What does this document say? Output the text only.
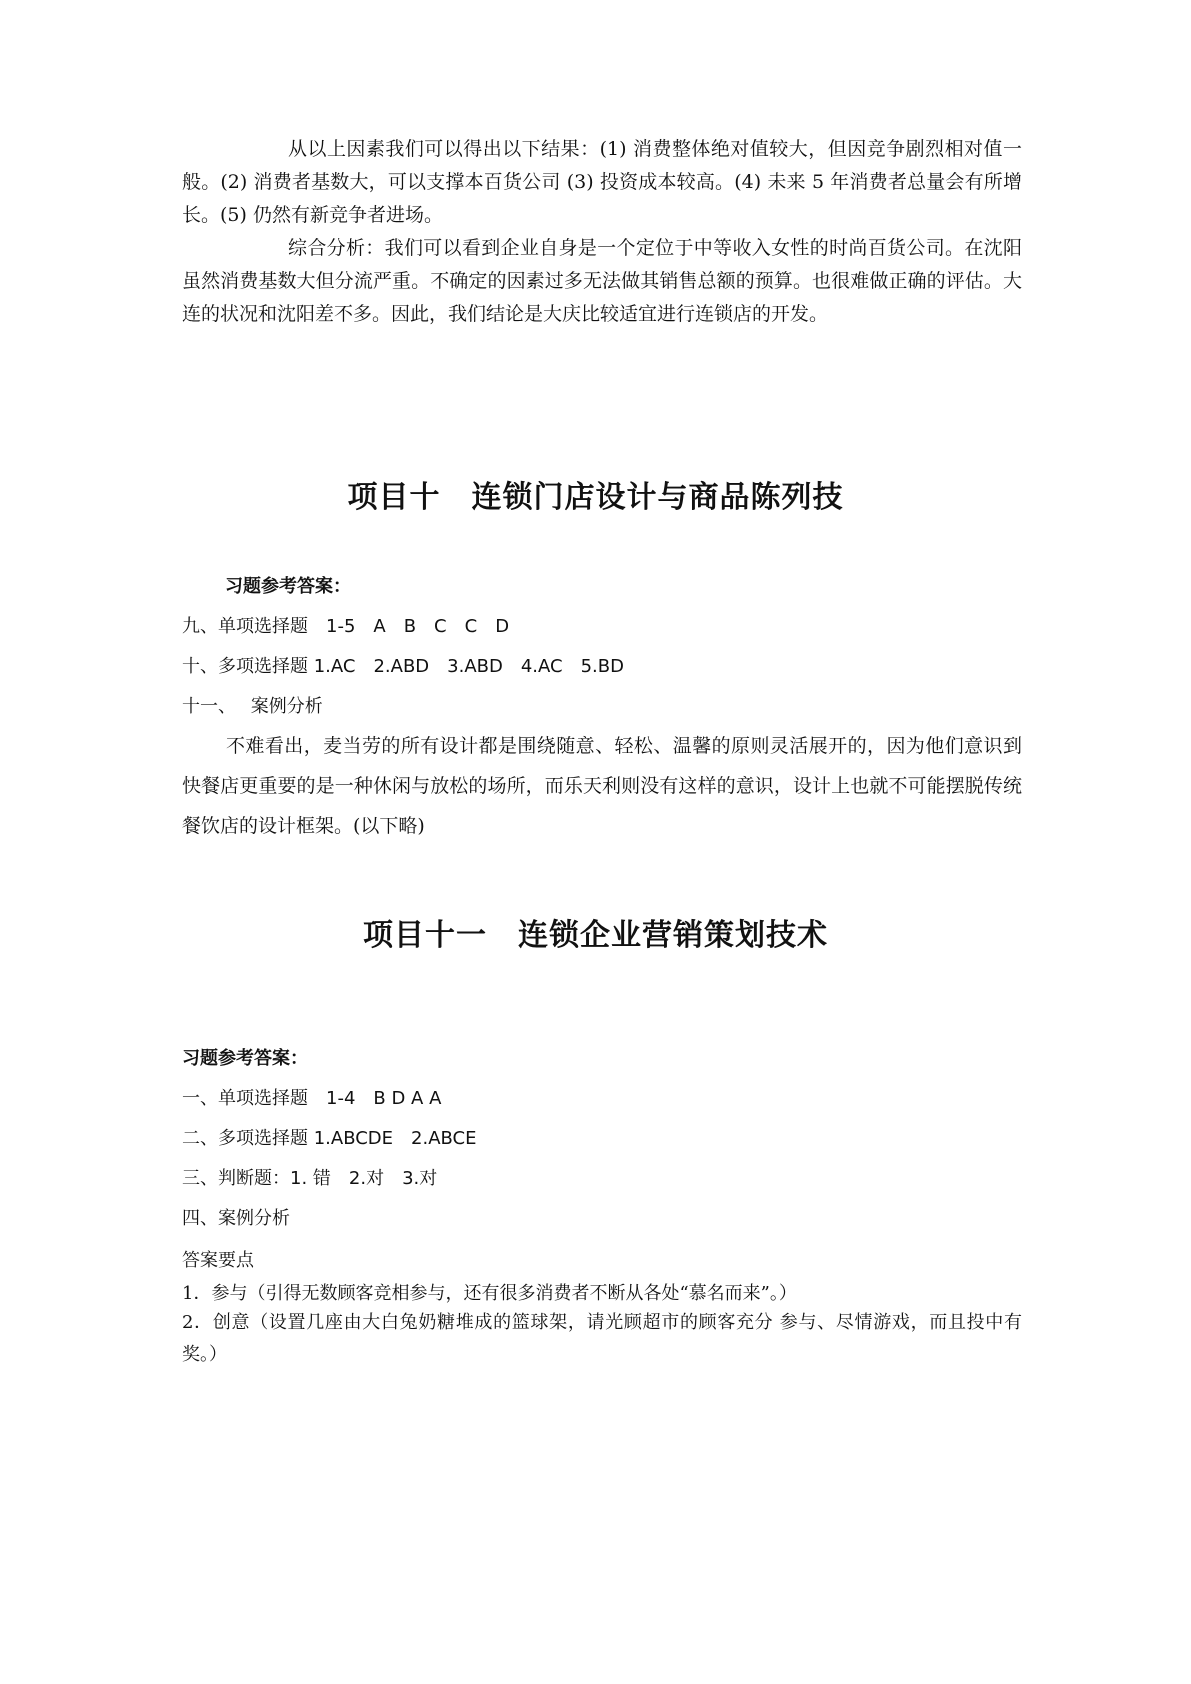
从以上因素我们可以得出以下结果：(1) 消费整体绝对值较大，但因竞争剧烈相对值一般。(2) 消费者基数大，可以支撑本百货公司 (3) 投资成本较高。(4) 未来 5 年消费者总量会有所增长。(5) 仍然有新竞争者进场。

综合分析：我们可以看到企业自身是一个定位于中等收入女性的时尚百货公司。在沈阳虽然消费基数大但分流严重。不确定的因素过多无法做其销售总额的预算。也很难做正确的评估。大连的状况和沈阳差不多。因此，我们结论是大庆比较适宜进行连锁店的开发。

项目十　连锁门店设计与商品陈列技

习题参考答案：

九、单项选择题　1-5　A　B　C　C　D

十、多项选择题 1.AC　2.ABD　3.ABD　4.AC　5.BD

十一、　 案例分析

不难看出，麦当劳的所有设计都是围绕随意、轻松、温馨的原则灵活展开的，因为他们意识到快餐店更重要的是一种休闲与放松的场所，而乐天利则没有这样的意识，设计上也就不可能摆脱传统餐饮店的设计框架。(以下略)

项目十一　连锁企业营销策划技术

习题参考答案：

一、单项选择题　1-4　B D A A

二、多项选择题 1.ABCDE　2.ABCE

三、判断题：1. 错　2.对　3.对

四、案例分析

答案要点

1．参与（引得无数顾客竞相参与，还有很多消费者不断从各处“慕名而来”。）

2．创意（设置几座由大白兔奶糖堆成的篮球架，请光顾超市的顾客充分 参与、尽情游戏，而且投中有奖。）
